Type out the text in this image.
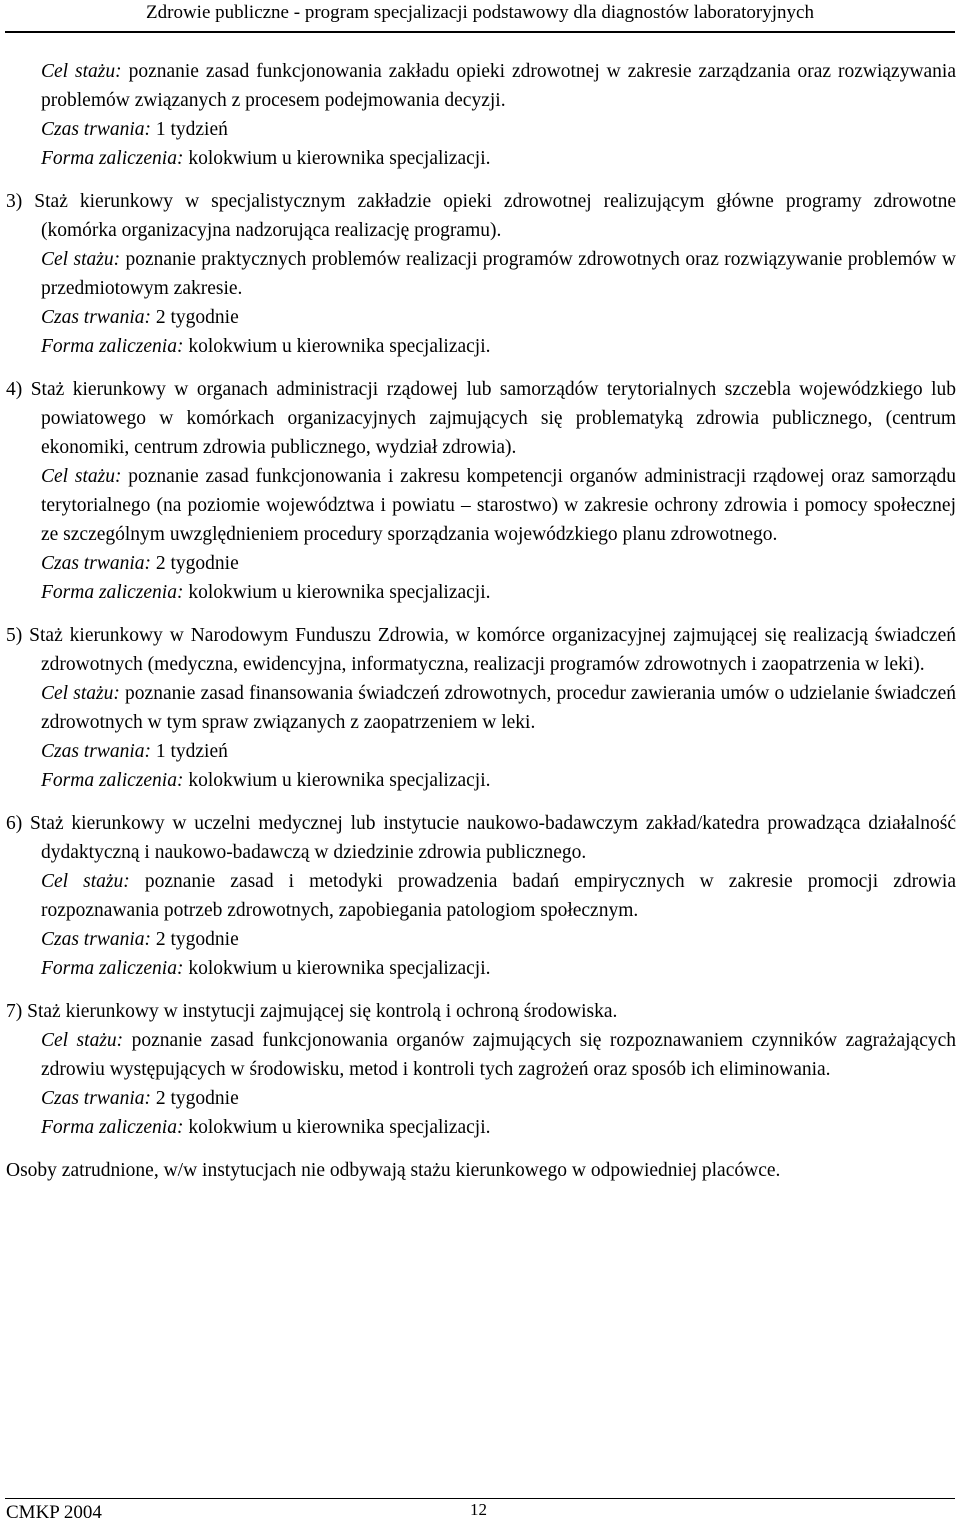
Zdrowie publiczne - program specjalizacji podstawowy dla diagnostów laboratoryjnych

Cel stażu: poznanie zasad funkcjonowania zakładu opieki zdrowotnej w zakresie zarządzania oraz rozwiązywania problemów związanych z procesem podejmowania decyzji.

Czas trwania: 1 tydzień

Forma zaliczenia: kolokwium u kierownika specjalizacji.

3) Staż kierunkowy w specjalistycznym zakładzie opieki zdrowotnej realizującym główne programy zdrowotne (komórka organizacyjna nadzorująca realizację programu).

Cel stażu: poznanie praktycznych problemów realizacji programów zdrowotnych oraz rozwiązywanie problemów w przedmiotowym zakresie.

Czas trwania: 2 tygodnie

Forma zaliczenia: kolokwium u kierownika specjalizacji.

4) Staż kierunkowy w organach administracji rządowej lub samorządów terytorialnych szczebla wojewódzkiego lub powiatowego w komórkach organizacyjnych zajmujących się problematyką zdrowia publicznego, (centrum ekonomiki, centrum zdrowia publicznego, wydział zdrowia).

Cel stażu: poznanie zasad funkcjonowania i zakresu kompetencji organów administracji rządowej oraz samorządu terytorialnego (na poziomie województwa i powiatu – starostwo) w zakresie ochrony zdrowia i pomocy społecznej ze szczególnym uwzględnieniem procedury sporządzania wojewódzkiego planu zdrowotnego.

Czas trwania: 2 tygodnie

Forma zaliczenia: kolokwium u kierownika specjalizacji.

5) Staż kierunkowy w Narodowym Funduszu Zdrowia, w komórce organizacyjnej zajmującej się realizacją świadczeń zdrowotnych (medyczna, ewidencyjna, informatyczna, realizacji programów zdrowotnych i zaopatrzenia w leki).

Cel stażu: poznanie zasad finansowania świadczeń zdrowotnych, procedur zawierania umów o udzielanie świadczeń zdrowotnych w tym spraw związanych z zaopatrzeniem w leki.

Czas trwania: 1 tydzień

Forma zaliczenia: kolokwium u kierownika specjalizacji.

6) Staż kierunkowy w uczelni medycznej lub instytucie naukowo-badawczym zakład/katedra prowadząca działalność dydaktyczną i naukowo-badawczą w dziedzinie zdrowia publicznego.

Cel stażu: poznanie zasad i metodyki prowadzenia badań empirycznych w zakresie promocji zdrowia rozpoznawania potrzeb zdrowotnych, zapobiegania patologiom społecznym.

Czas trwania: 2 tygodnie

Forma zaliczenia: kolokwium u kierownika specjalizacji.

7) Staż kierunkowy w instytucji zajmującej się kontrolą i ochroną środowiska.

Cel stażu: poznanie zasad funkcjonowania organów zajmujących się rozpoznawaniem czynników zagrażających zdrowiu występujących w środowisku, metod i kontroli tych zagrożeń oraz sposób ich eliminowania.

Czas trwania: 2 tygodnie

Forma zaliczenia: kolokwium u kierownika specjalizacji.

Osoby zatrudnione, w/w instytucjach nie odbywają stażu kierunkowego w odpowiedniej placówce.

CMKP 2004	12
